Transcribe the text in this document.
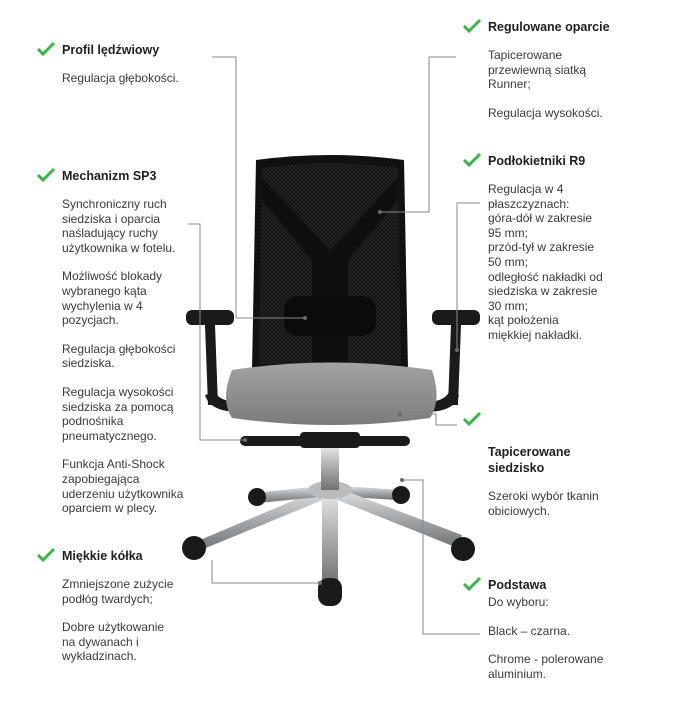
Profil lędźwiowy
Regulacja głębokości.
Mechanizm SP3
Synchroniczny ruch
siedziska i oparcia
naśladujący ruchy
użytkownika w fotelu.
Możliwość blokady
wybranego kąta
wychylenia w 4
pozycjach.
Regulacja głębokości
siedziska.
Regulacja wysokości
siedziska za pomocą
podnośnika
pneumatycznego.
Funkcja Anti-Shock
zapobiegająca
uderzeniu użytkownika
oparciem w plecy.
Miękkie kółka
Zmniejszone zużycie
podłóg twardych;
Dobre użytkowanie
na dywanach i
wykładzinach.
Regulowane oparcie
Tapicerowane
przewiewną siatką
Runner;
Regulacja wysokości.
Podłokietniki R9
Regulacja w 4
płaszczyznach:
góra-dół w zakresie
95 mm;
przód-tył w zakresie
50 mm;
odległość nakładki od
siedziska w zakresie
30 mm;
kąt położenia
miękkiej nakładki.

Tapicerowane
siedzisko

Szeroki wybór tkanin
obiciowych.
Podstawa
Do wyboru:
Black – czarna.
Chrome - polerowane
aluminium.
